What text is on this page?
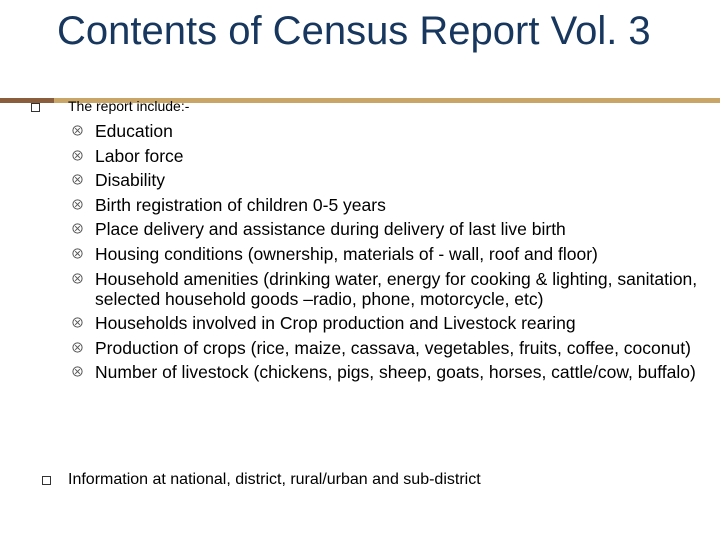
Contents of Census Report Vol. 3
The report include:-
Education
Labor force
Disability
Birth registration of children 0-5 years
Place delivery and assistance during delivery of last live birth
Housing conditions (ownership, materials of - wall, roof and floor)
Household amenities (drinking water, energy for cooking & lighting, sanitation, selected household goods –radio, phone, motorcycle, etc)
Households involved in Crop production and Livestock rearing
Production of crops (rice, maize, cassava, vegetables, fruits, coffee, coconut)
Number of livestock (chickens, pigs, sheep, goats, horses, cattle/cow, buffalo)
Information at national, district, rural/urban and sub-district
